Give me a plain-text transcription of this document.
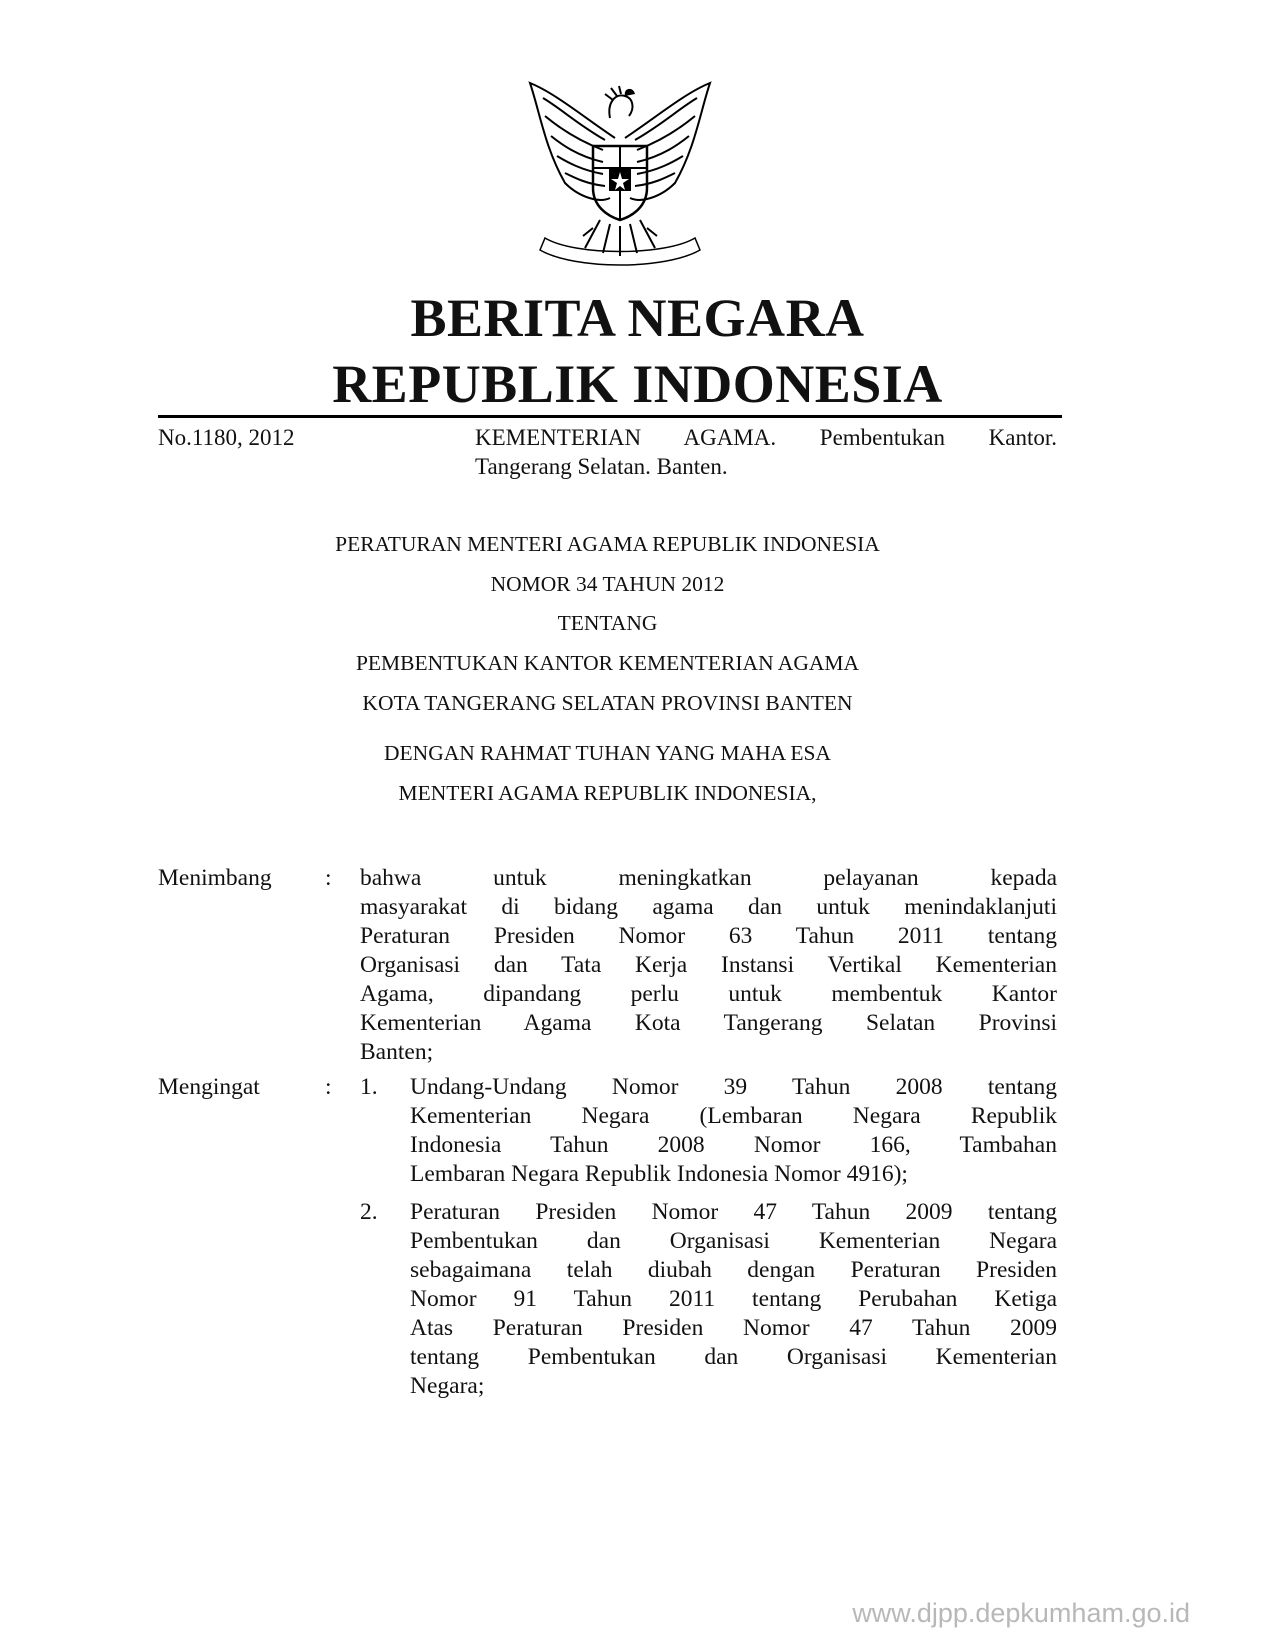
BERITA NEGARA
REPUBLIK INDONESIA
No.1180, 2012	KEMENTERIAN AGAMA. Pembentukan Kantor.
Tangerang Selatan. Banten.
PERATURAN MENTERI AGAMA REPUBLIK INDONESIA
NOMOR 34 TAHUN 2012
TENTANG
PEMBENTUKAN KANTOR KEMENTERIAN AGAMA
KOTA TANGERANG SELATAN PROVINSI BANTEN
DENGAN RAHMAT TUHAN YANG MAHA ESA
MENTERI AGAMA REPUBLIK INDONESIA,
Menimbang : bahwa untuk meningkatkan pelayanan kepada
masyarakat di bidang agama dan untuk menindaklanjuti
Peraturan Presiden Nomor 63 Tahun 2011 tentang
Organisasi dan Tata Kerja Instansi Vertikal Kementerian
Agama, dipandang perlu untuk membentuk Kantor
Kementerian Agama Kota Tangerang Selatan Provinsi
Banten;
Mengingat	: 1. Undang-Undang Nomor 39 Tahun 2008 tentang
Kementerian Negara (Lembaran Negara Republik
Indonesia Tahun 2008 Nomor 166, Tambahan
Lembaran Negara Republik Indonesia Nomor 4916);
2. Peraturan Presiden Nomor 47 Tahun 2009 tentang
Pembentukan dan Organisasi Kementerian Negara
sebagaimana telah diubah dengan Peraturan Presiden
Nomor 91 Tahun 2011 tentang Perubahan Ketiga
Atas Peraturan Presiden Nomor 47 Tahun 2009
tentang Pembentukan dan Organisasi Kementerian
Negara;
www.djpp.depkumham.go.id
